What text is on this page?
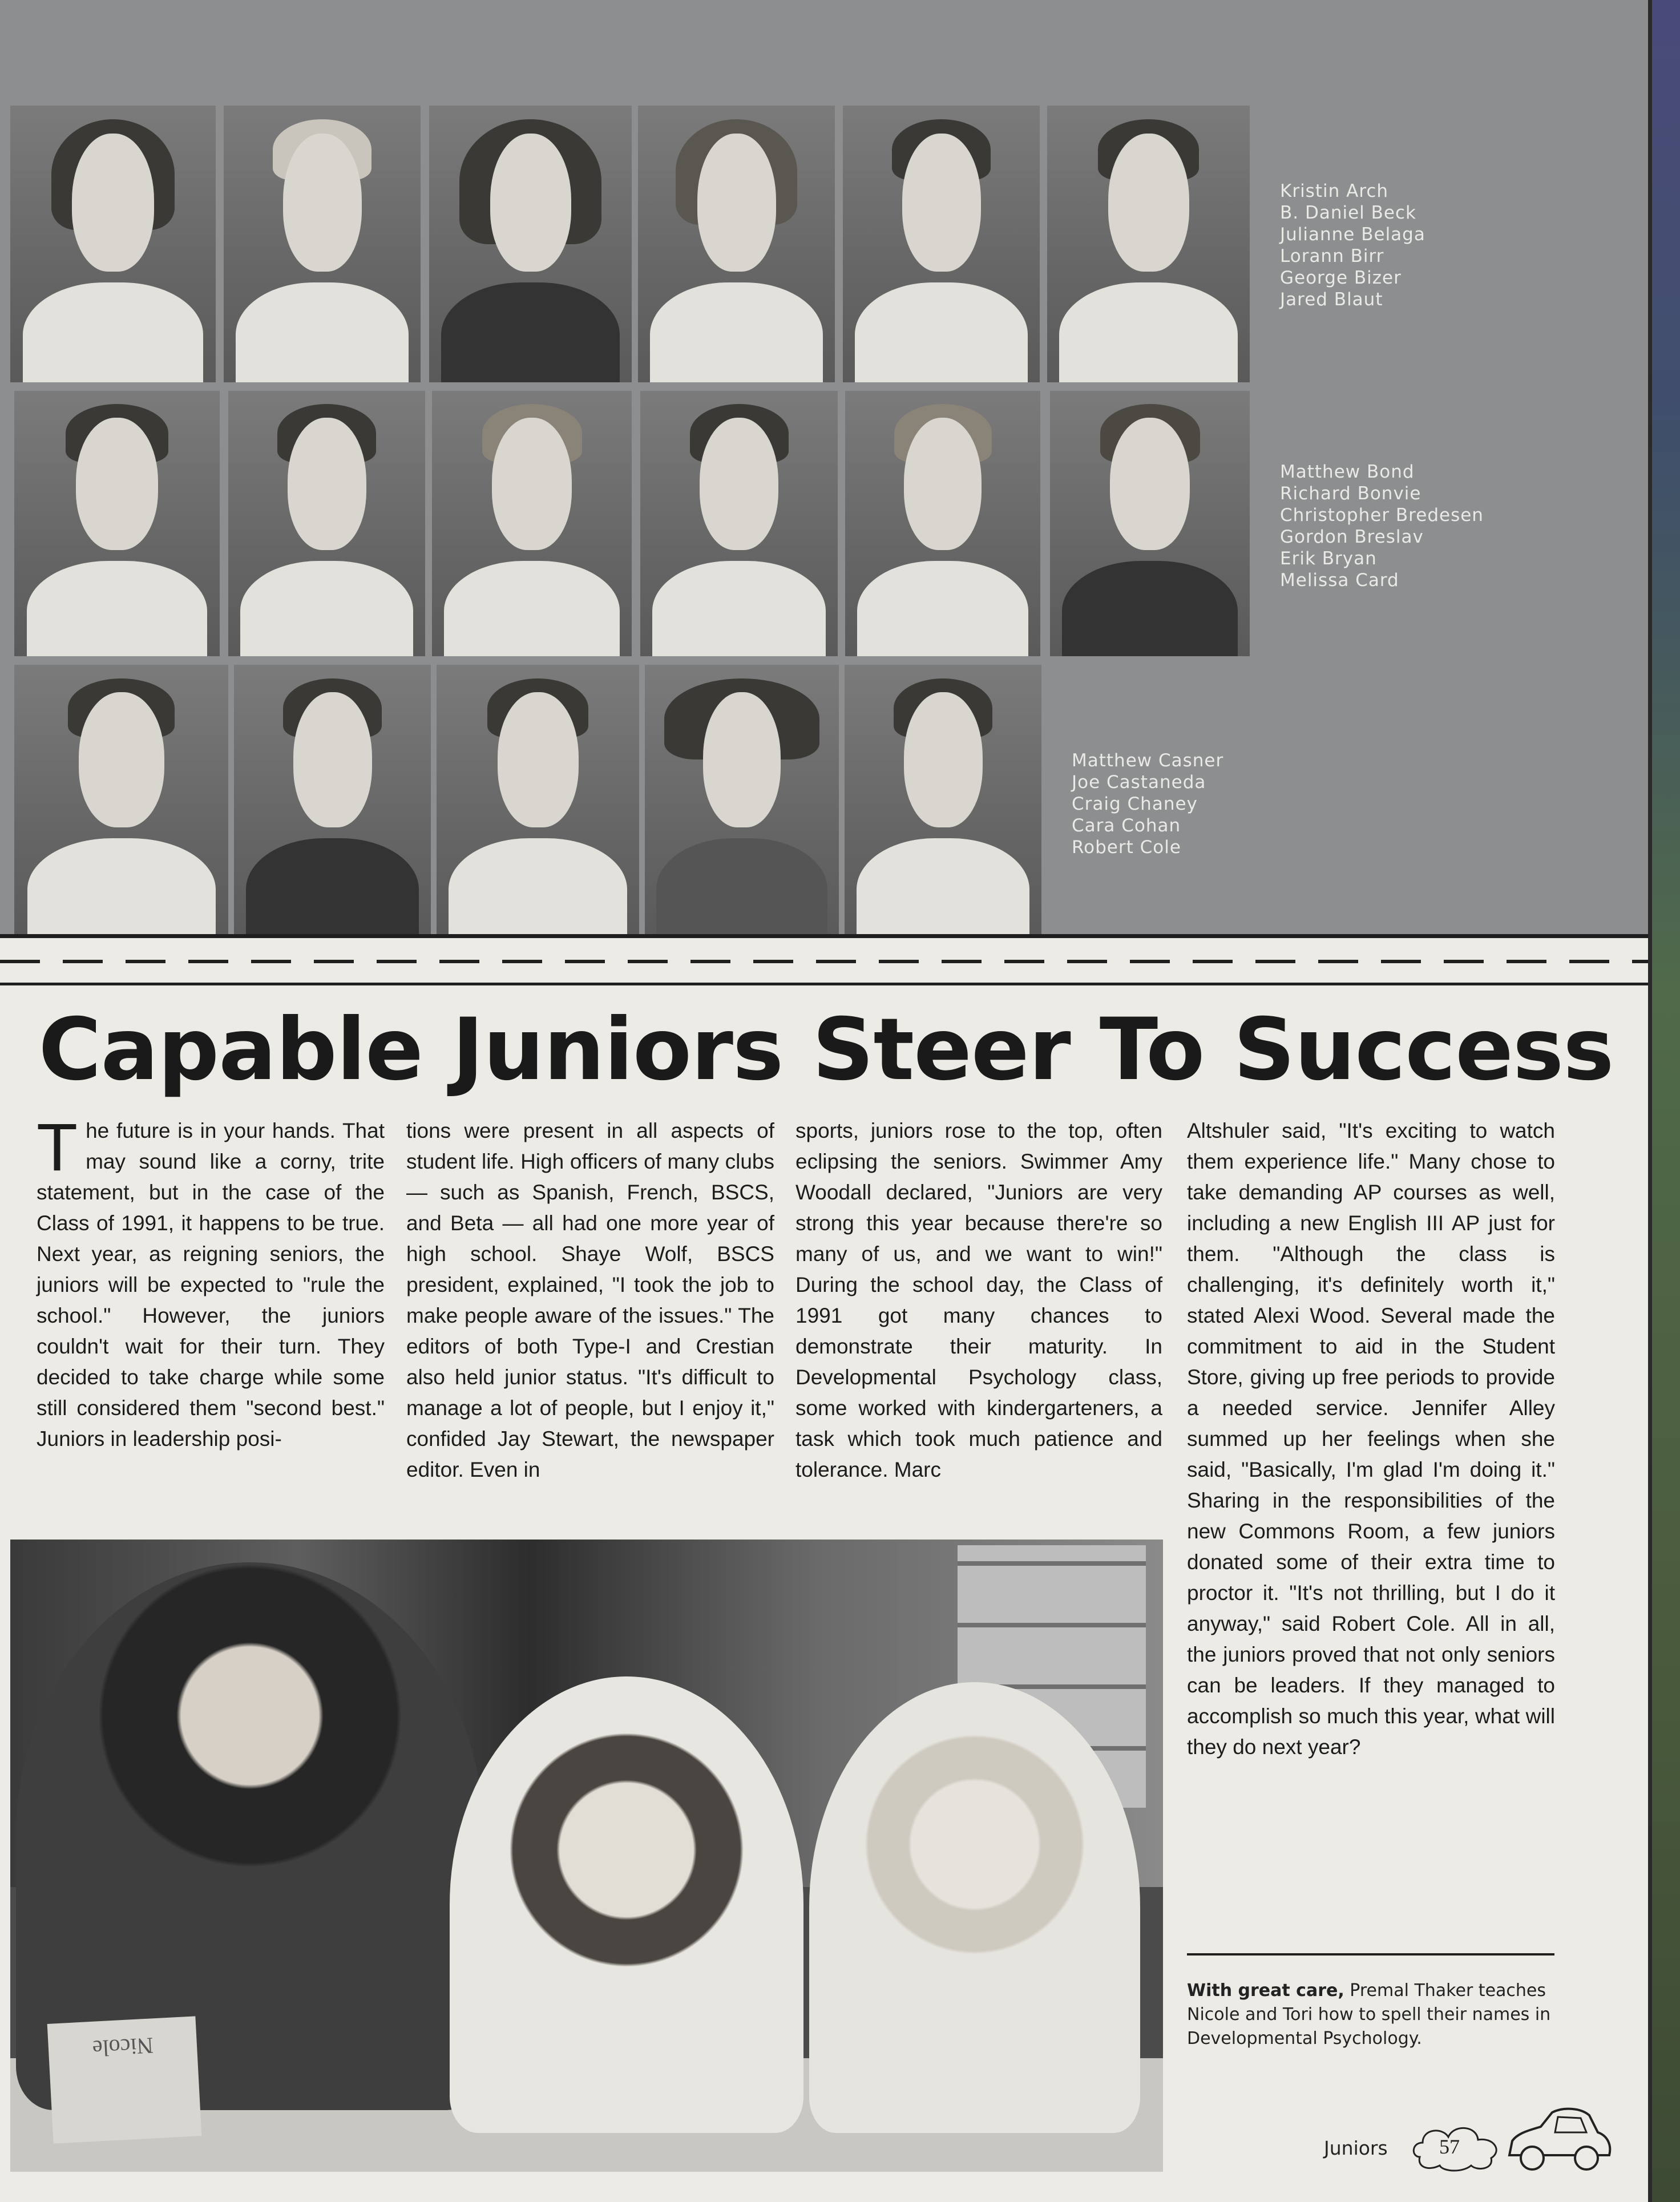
Kristin Arch
B. Daniel Beck
Julianne Belaga
Lorann Birr
George Bizer
Jared Blaut
Matthew Bond
Richard Bonvie
Christopher Bredesen
Gordon Breslav
Erik Bryan
Melissa Card
Matthew Casner
Joe Castaneda
Craig Chaney
Cara Cohan
Robert Cole
Capable Juniors Steer To Success
The future is in your hands. That may sound like a corny, trite statement, but in the case of the Class of 1991, it happens to be true. Next year, as reigning seniors, the juniors will be expected to "rule the school." However, the juniors couldn't wait for their turn. They decided to take charge while some still considered them "second best." Juniors in leadership posi-
tions were present in all aspects of student life. High officers of many clubs — such as Spanish, French, BSCS, and Beta — all had one more year of high school. Shaye Wolf, BSCS president, explained, "I took the job to make people aware of the issues." The editors of both Type-I and Crestian also held junior status. "It's difficult to manage a lot of people, but I enjoy it," confided Jay Stewart, the newspaper editor. Even in
sports, juniors rose to the top, often eclipsing the seniors. Swimmer Amy Woodall declared, "Juniors are very strong this year because there're so many of us, and we want to win!" During the school day, the Class of 1991 got many chances to demonstrate their maturity. In Developmental Psychology class, some worked with kindergarteners, a task which took much patience and tolerance. Marc
Altshuler said, "It's exciting to watch them experience life." Many chose to take demanding AP courses as well, including a new English III AP just for them. "Although the class is challenging, it's definitely worth it," stated Alexi Wood. Several made the commitment to aid in the Student Store, giving up free periods to provide a needed service. Jennifer Alley summed up her feelings when she said, "Basically, I'm glad I'm doing it." Sharing in the responsibilities of the new Commons Room, a few juniors donated some of their extra time to proctor it. "It's not thrilling, but I do it anyway," said Robert Cole. All in all, the juniors proved that not only seniors can be leaders. If they managed to accomplish so much this year, what will they do next year?
Nicole

With great care, Premal Thaker teaches Nicole and Tori how to spell their names in Developmental Psychology.

Juniors	57
